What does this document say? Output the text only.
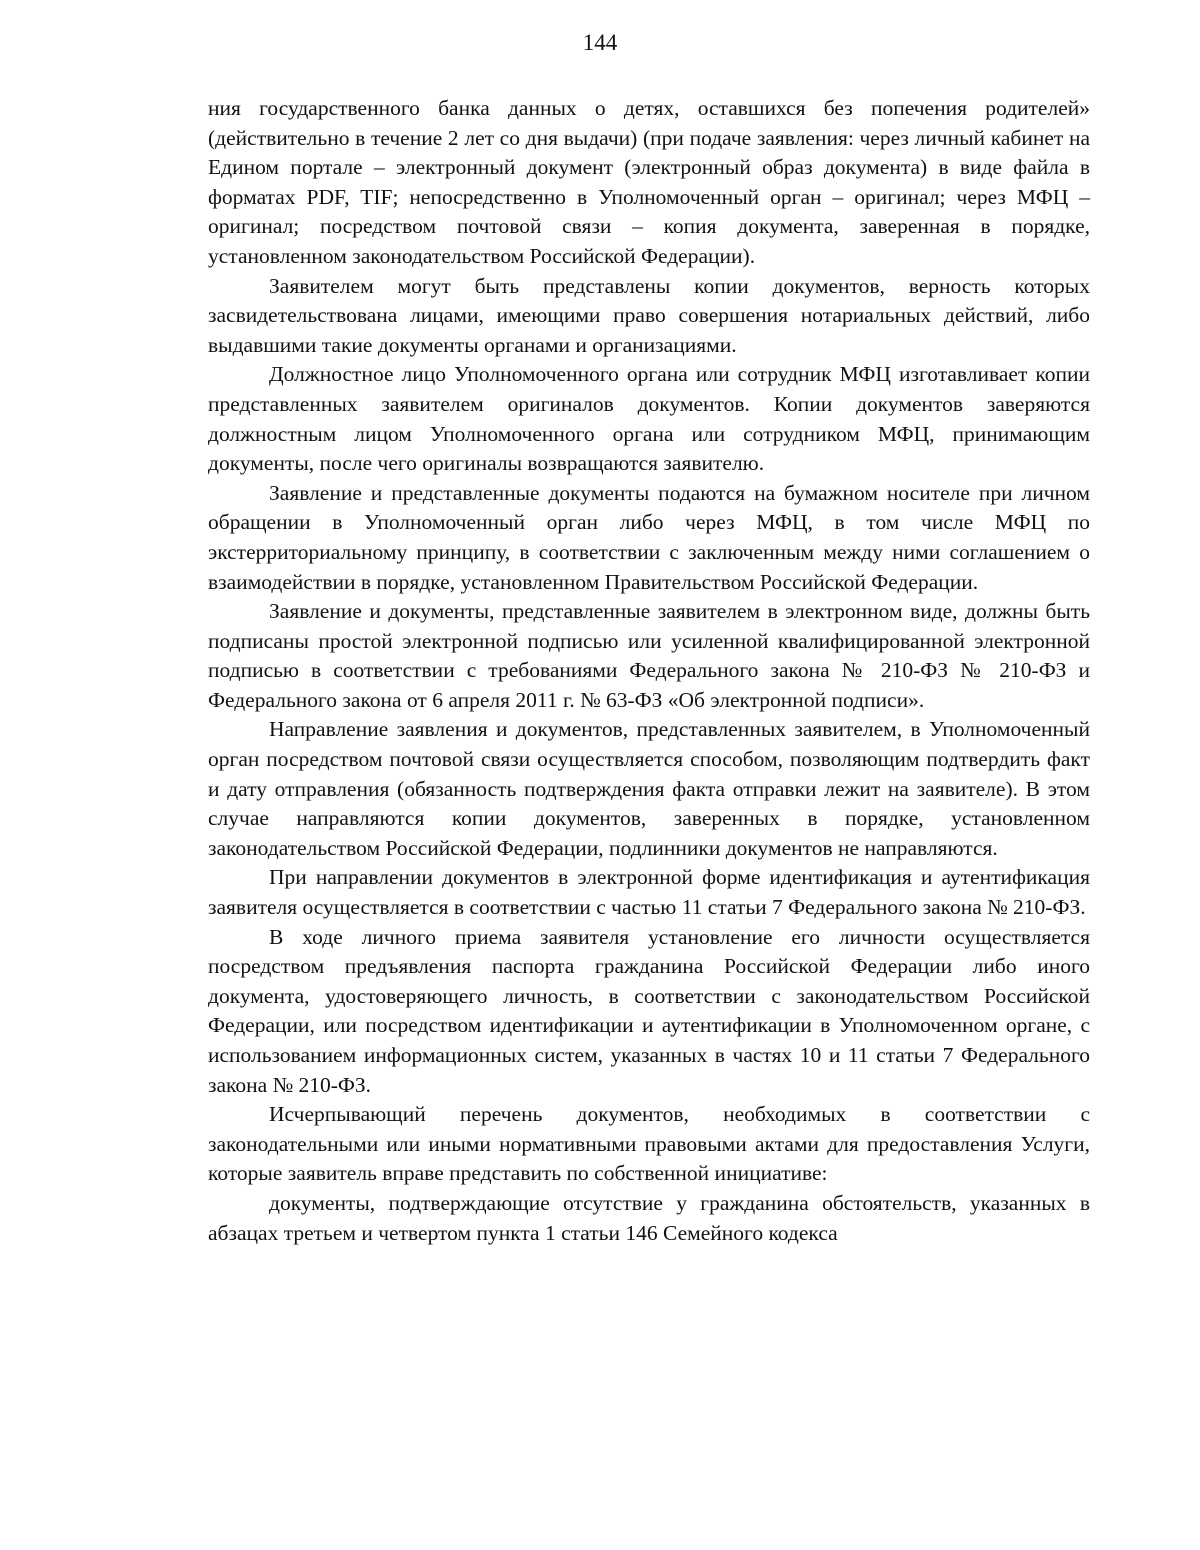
144

ния государственного банка данных о детях, оставшихся без попечения родителей» (действительно в течение 2 лет со дня выдачи) (при подаче заявления: через личный кабинет на Едином портале – электронный документ (электронный образ документа) в виде файла в форматах PDF, TIF; непосредственно в Уполномоченный орган – оригинал; через МФЦ – оригинал; посредством почтовой связи – копия документа, заверенная в порядке, установленном законодательством Российской Федерации).

Заявителем могут быть представлены копии документов, верность которых засвидетельствована лицами, имеющими право совершения нотариальных действий, либо выдавшими такие документы органами и организациями.

Должностное лицо Уполномоченного органа или сотрудник МФЦ изготавливает копии представленных заявителем оригиналов документов. Копии документов заверяются должностным лицом Уполномоченного органа или сотрудником МФЦ, принимающим документы, после чего оригиналы возвращаются заявителю.

Заявление и представленные документы подаются на бумажном носителе при личном обращении в Уполномоченный орган либо через МФЦ, в том числе МФЦ по экстерриториальному принципу, в соответствии с заключенным между ними соглашением о взаимодействии в порядке, установленном Правительством Российской Федерации.

Заявление и документы, представленные заявителем в электронном виде, должны быть подписаны простой электронной подписью или усиленной квалифицированной электронной подписью в соответствии с требованиями Федерального закона № 210-ФЗ № 210-ФЗ и Федерального закона от 6 апреля 2011 г. № 63-ФЗ «Об электронной подписи».

Направление заявления и документов, представленных заявителем, в Уполномоченный орган посредством почтовой связи осуществляется способом, позволяющим подтвердить факт и дату отправления (обязанность подтверждения факта отправки лежит на заявителе). В этом случае направляются копии документов, заверенных в порядке, установленном законодательством Российской Федерации, подлинники документов не направляются.

При направлении документов в электронной форме идентификация и аутентификация заявителя осуществляется в соответствии с частью 11 статьи 7 Федерального закона № 210-ФЗ.

В ходе личного приема заявителя установление его личности осуществляется посредством предъявления паспорта гражданина Российской Федерации либо иного документа, удостоверяющего личность, в соответствии с законодательством Российской Федерации, или посредством идентификации и аутентификации в Уполномоченном органе, с использованием информационных систем, указанных в частях 10 и 11 статьи 7 Федерального закона № 210-ФЗ.

Исчерпывающий перечень документов, необходимых в соответствии с законодательными или иными нормативными правовыми актами для предоставления Услуги, которые заявитель вправе представить по собственной инициативе:

документы, подтверждающие отсутствие у гражданина обстоятельств, указанных в абзацах третьем и четвертом пункта 1 статьи 146 Семейного кодекса
